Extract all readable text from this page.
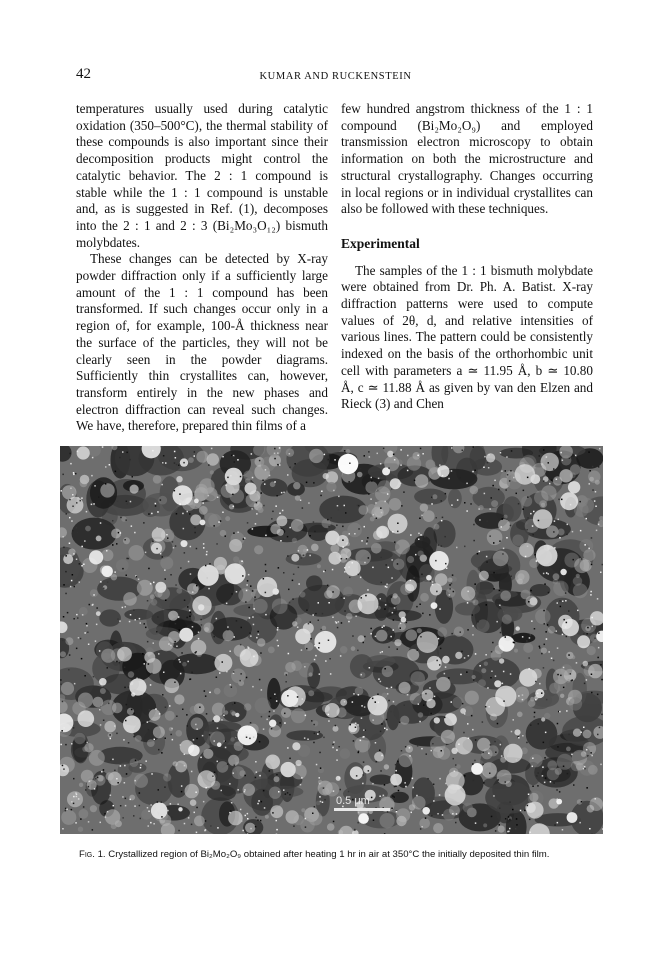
42	KUMAR AND RUCKENSTEIN

temperatures usually used during catalytic oxidation (350–500°C), the thermal stability of these compounds is also important since their decomposition products might control the catalytic behavior. The 2 : 1 compound is stable while the 1 : 1 compound is unstable and, as is suggested in Ref. (1), decomposes into the 2 : 1 and 2 : 3 (Bi₂Mo₃O₁₂) bismuth molybdates.

These changes can be detected by X-ray powder diffraction only if a sufficiently large amount of the 1 : 1 compound has been transformed. If such changes occur only in a region of, for example, 100-Å thickness near the surface of the particles, they will not be clearly seen in the powder diagrams. Sufficiently thin crystallites can, however, transform entirely in the new phases and electron diffraction can reveal such changes. We have, therefore, prepared thin films of a

few hundred angstrom thickness of the 1 : 1 compound (Bi₂Mo₂O₉) and employed transmission electron microscopy to obtain information on both the microstructure and structural crystallography. Changes occurring in local regions or in individual crystallites can also be followed with these techniques.

Experimental

The samples of the 1 : 1 bismuth molybdate were obtained from Dr. Ph. A. Batist. X-ray diffraction patterns were used to compute values of 2θ, d, and relative intensities of various lines. The pattern could be consistently indexed on the basis of the orthorhombic unit cell with parameters a ≃ 11.95 Å, b ≃ 10.80 Å, c ≃ 11.88 Å as given by van den Elzen and Rieck (3) and Chen

0.5 μm
Fig. 1. Crystallized region of Bi₂Mo₂O₉ obtained after heating 1 hr in air at 350°C the initially deposited thin film.
